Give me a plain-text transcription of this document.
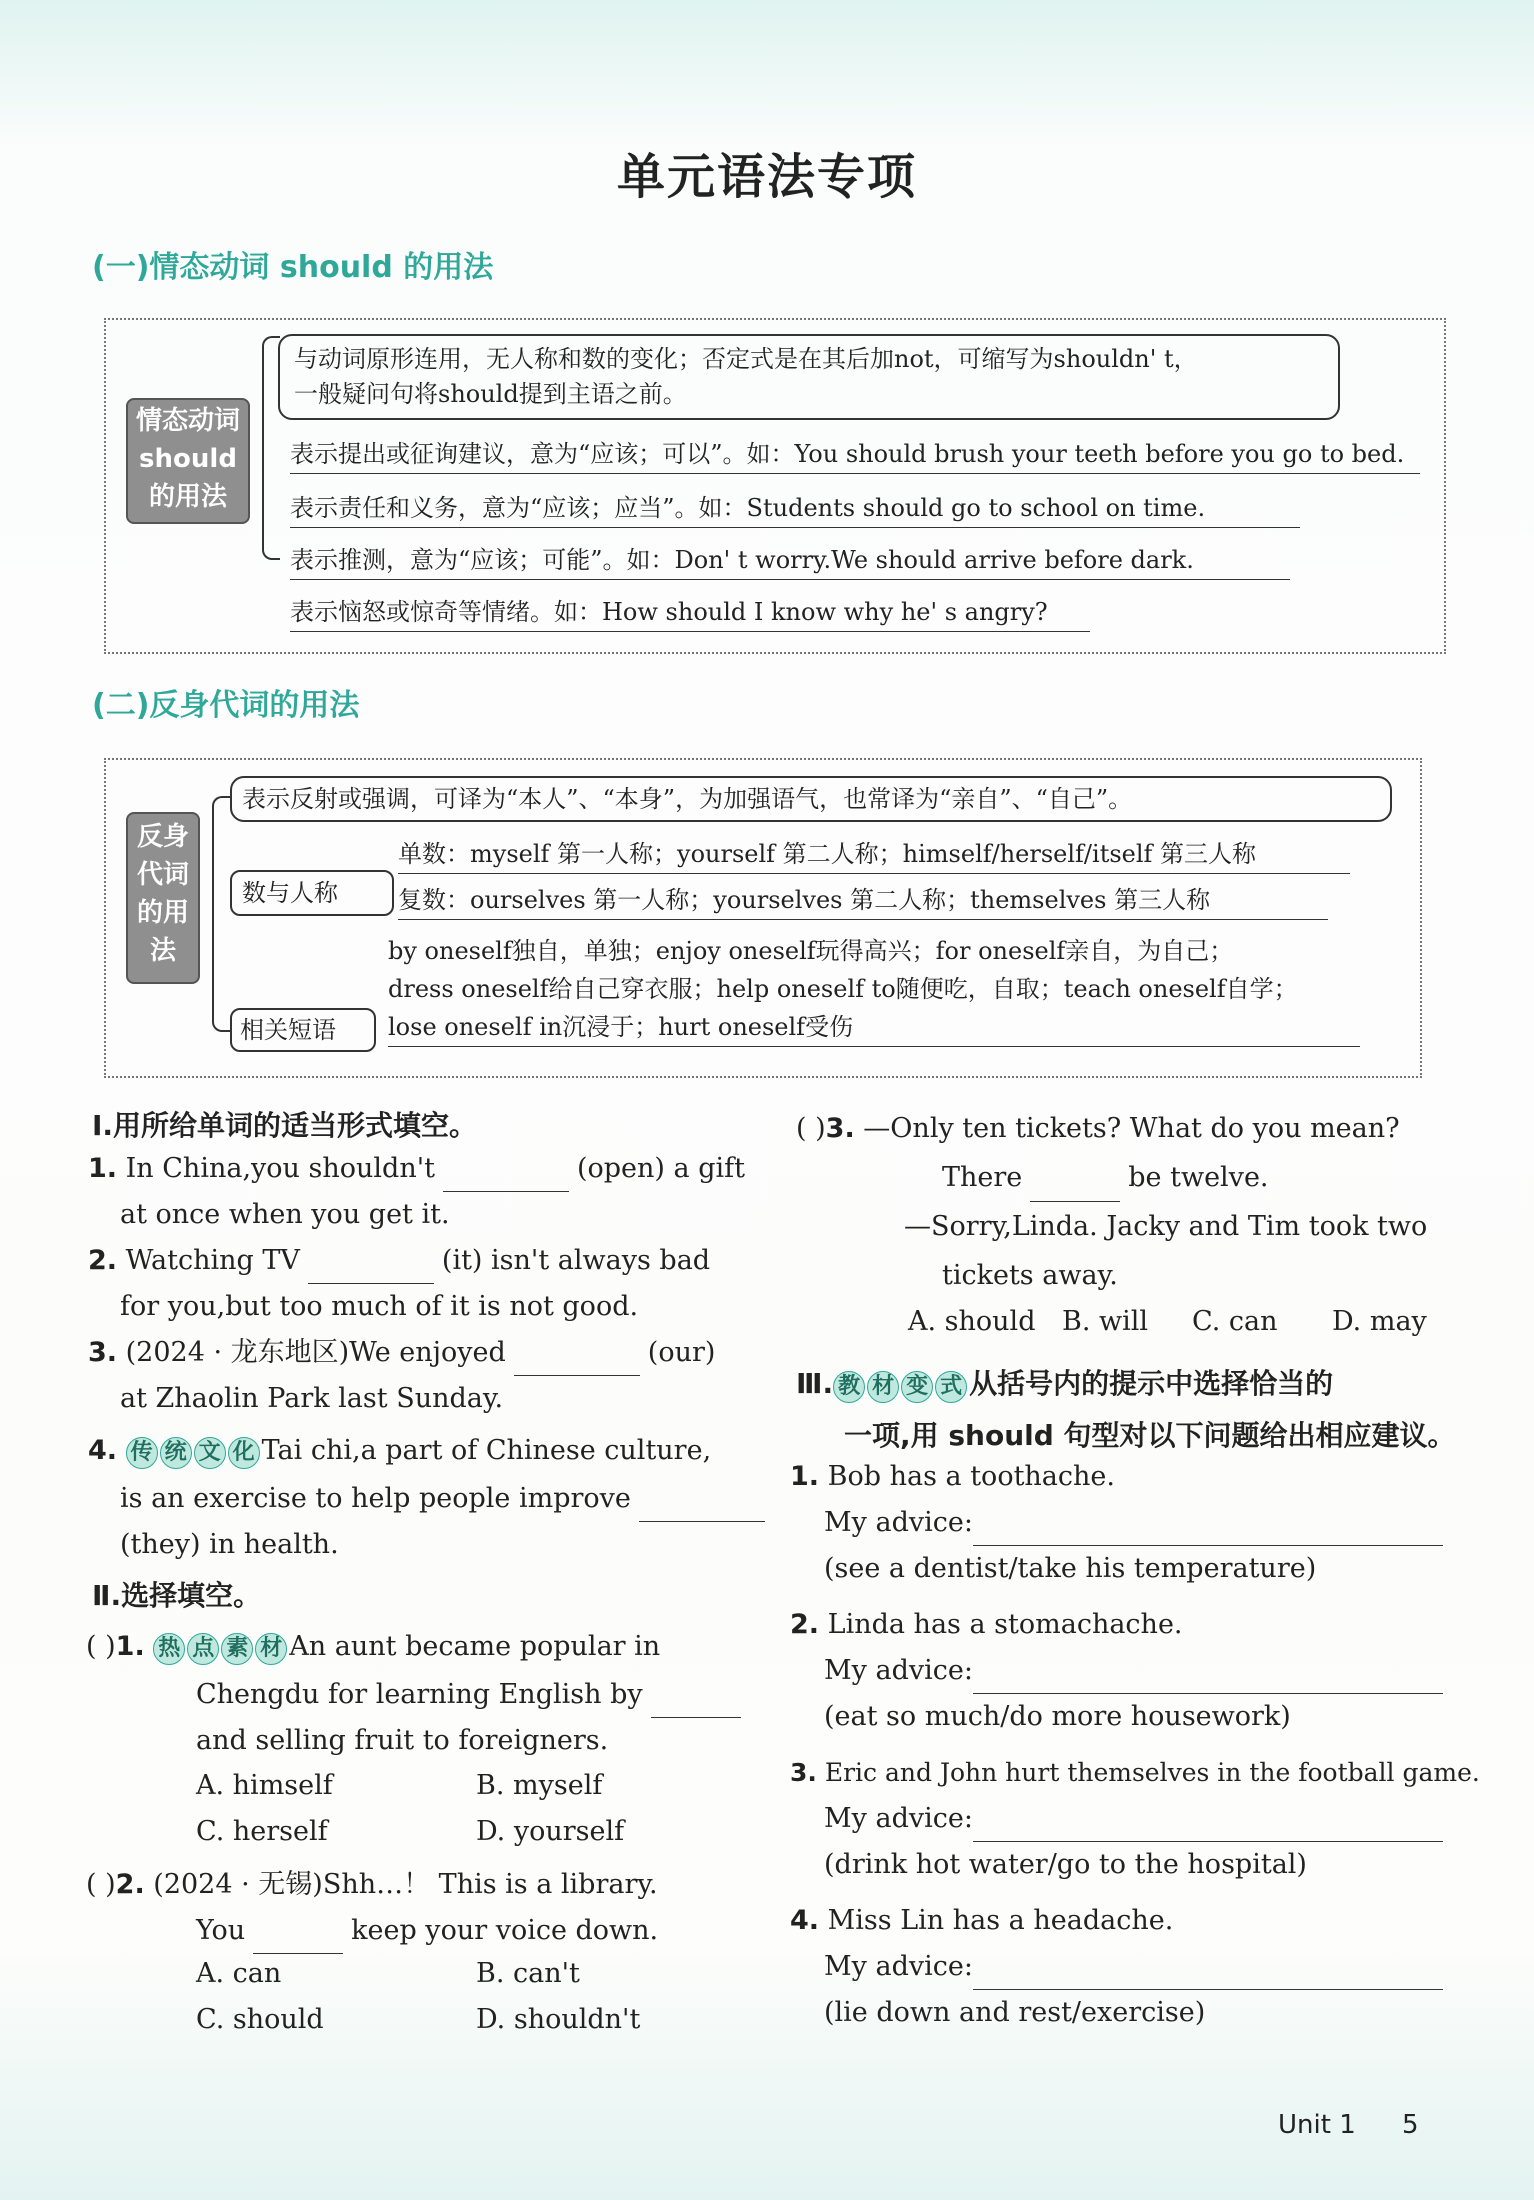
单元语法专项
(一)情态动词 should 的用法
情态动词 should 的用法
与动词原形连用，无人称和数的变化；否定式是在其后加not，可缩写为shouldn' t，
一般疑问句将should提到主语之前。
表示提出或征询建议，意为“应该；可以”。如：You should brush your teeth before you go to bed.
表示责任和义务，意为“应该；应当”。如：Students should go to school on time.
表示推测，意为“应该；可能”。如：Don' t worry.We should arrive before dark.
表示恼怒或惊奇等情绪。如：How should I know why he' s angry?
(二)反身代词的用法
反身代词的用法
表示反射或强调，可译为“本人”、“本身”，为加强语气，也常译为“亲自”、“自己”。
数与人称
单数：myself 第一人称；yourself 第二人称；himself/herself/itself 第三人称
复数：ourselves 第一人称；yourselves 第二人称；themselves 第三人称
by oneself独自，单独；enjoy oneself玩得高兴；for oneself亲自，为自己；
dress oneself给自己穿衣服；help oneself to随便吃，自取；teach oneself自学；
lose oneself in沉浸于；hurt oneself受伤
相关短语
Ⅰ.用所给单词的适当形式填空。
1. In China,you shouldn't	(open) a gift
at once when you get it.
2. Watching TV	(it) isn't always bad
for you,but too much of it is not good.
3. (2024 · 龙东地区)We enjoyed	(our)
at Zhaolin Park last Sunday.
4. 传 统 文 化 Tai chi,a part of Chinese culture,
is an exercise to help people improve
(they) in health.
Ⅱ.选择填空。
( )1. 热 点 素 材 An aunt became popular in
Chengdu for learning English by
and selling fruit to foreigners.
A. himself	B. myself
C. herself	D. yourself
( )2. (2024 · 无锡)Shh…！ This is a library.
You	keep your voice down.
A. can	B. can't
C. should	D. shouldn't
( )3. —Only ten tickets? What do you mean?
There	be twelve.
—Sorry,Linda. Jacky and Tim took two
tickets away.
A. should B. will C. can D. may
Ⅲ. 教 材 变 式 从括号内的提示中选择恰当的
一项,用 should 句型对以下问题给出相应建议。
1. Bob has a toothache.
My advice:
(see a dentist/take his temperature)
2. Linda has a stomachache.
My advice:
(eat so much/do more housework)
3. Eric and John hurt themselves in the football game.
My advice:
(drink hot water/go to the hospital)
4. Miss Lin has a headache.
My advice:
(lie down and rest/exercise)
Unit 1 5
